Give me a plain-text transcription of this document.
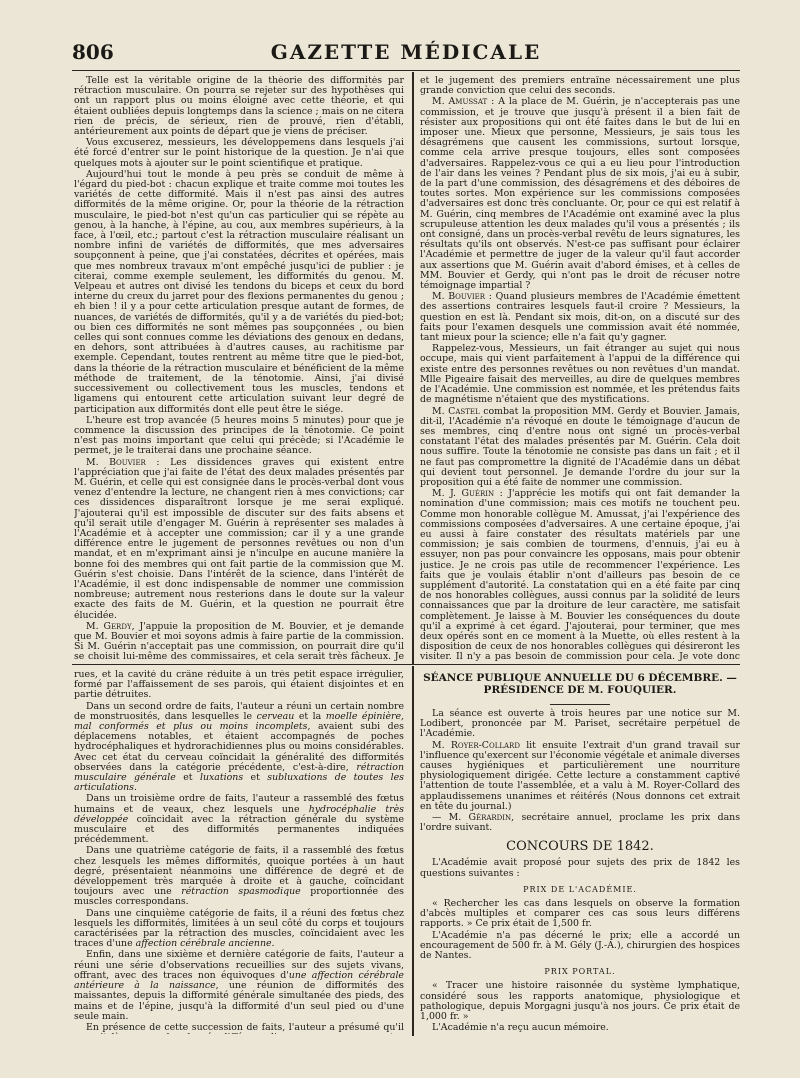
806	GAZETTE MÉDICALE

Telle est la véritable origine de la théorie des difformités par rétraction musculaire. On pourra se rejeter sur des hypothèses qui ont un rapport plus ou moins éloigné avec cette théorie, et qui étaient oubliées depuis longtemps dans la science ; mais on ne citera rien de précis, de sérieux, rien de prouvé, rien d'établi, antérieurement aux points de départ que je viens de préciser.

Vous excuserez, messieurs, les développemens dans lesquels j'ai été forcé d'entrer sur le point historique de la question. Je n'ai que quelques mots à ajouter sur le point scientifique et pratique.

Aujourd'hui tout le monde à peu près se conduit de même à l'égard du pied-bot : chacun explique et traite comme moi toutes les variétés de cette difformité. Mais il n'est pas ainsi des autres difformités de la même origine. Or, pour la théorie de la rétraction musculaire, le pied-bot n'est qu'un cas particulier qui se répète au genou, à la hanche, à l'épine, au cou, aux membres supérieurs, à la face, à l'œil, etc.; partout c'est la rétraction musculaire réalisant un nombre infini de variétés de difformités, que mes adversaires soupçonnent à peine, que j'ai constatées, décrites et opérées, mais que mes nombreux travaux m'ont empêché jusqu'ici de publier : je citerai, comme exemple seulement, les difformités du genou. M. Velpeau et autres ont divisé les tendons du biceps et ceux du bord interne du creux du jarret pour des flexions permanentes du genou ; eh bien ! il y a pour cette articulation presque autant de formes, de nuances, de variétés de difformités, qu'il y a de variétés du pied-bot; ou bien ces difformités ne sont mêmes pas soupçonnées , ou bien celles qui sont connues comme les déviations des genoux en dedans, en dehors, sont attribuées à d'autres causes, au rachitisme par exemple. Cependant, toutes rentrent au même titre que le pied-bot, dans la théorie de la rétraction musculaire et bénéficient de la même méthode de traitement, de la ténotomie. Ainsi, j'ai divisé successivement ou collectivement tous les muscles, tendons et ligamens qui entourent cette articulation suivant leur degré de participation aux difformités dont elle peut être le siége.

L'heure est trop avancée (5 heures moins 5 minutes) pour que je commence la discussion des principes de la ténotomie. Ce point n'est pas moins important que celui qui précède; si l'Académie le permet, je le traiterai dans une prochaine séance.

M. Bouvier : Les dissidences graves qui existent entre l'appréciation que j'ai faite de l'état des deux malades présentés par M. Guérin, et celle qui est consignée dans le procès-verbal dont vous venez d'entendre la lecture, ne changent rien à mes convictions; car ces dissidences disparaîtront lorsque je me serai expliqué. J'ajouterai qu'il est impossible de discuter sur des faits absens et qu'il serait utile d'engager M. Guérin à représenter ses malades à l'Académie et à accepter une commission; car il y a une grande différence entre le jugement de personnes revêtues ou non d'un mandat, et en m'exprimant ainsi je n'inculpe en aucune manière la bonne foi des membres qui ont fait partie de la commission que M. Guérin s'est choisie. Dans l'intérêt de la science, dans l'intérêt de l'Académie, il est donc indispensable de nommer une commission nombreuse; autrement nous resterions dans le doute sur la valeur exacte des faits de M. Guérin, et la question ne pourrait être élucidée.

M. Gerdy, J'appuie la proposition de M. Bouvier, et je demande que M. Bouvier et moi soyons admis à faire partie de la commission. Si M. Guérin n'acceptait pas une commission, on pourrait dire qu'il se choisit lui-même des commissaires, et cela serait très fâcheux. Je

et le jugement des premiers entraîne nécessairement une plus grande conviction que celui des seconds.

M. Amussat : A la place de M. Guérin, je n'accepterais pas une commission, et je trouve que jusqu'à présent il a bien fait de résister aux propositions qui ont été faites dans le but de lui en imposer une. Mieux que personne, Messieurs, je sais tous les désagrémens que causent les commissions, surtout lorsque, comme cela arrive presque toujours, elles sont composées d'adversaires. Rappelez-vous ce qui a eu lieu pour l'introduction de l'air dans les veines ? Pendant plus de six mois, j'ai eu à subir, de la part d'une commission, des désagrémens et des déboires de toutes sortes. Mon expérience sur les commissions composées d'adversaires est donc très concluante. Or, pour ce qui est relatif à M. Guérin, cinq membres de l'Académie ont examiné avec la plus scrupuleuse attention les deux malades qu'il vous a présentés ; ils ont consigné, dans un procès-verbal revêtu de leurs signatures, les résultats qu'ils ont observés. N'est-ce pas suffisant pour éclairer l'Académie et permettre de juger de la valeur qu'il faut accorder aux assertions que M. Guérin avait d'abord émises, et à celles de MM. Bouvier et Gerdy, qui n'ont pas le droit de récuser notre témoignage impartial ?

M. Bouvier : Quand plusieurs membres de l'Académie émettent des assertions contraires lesquels faut-il croire ? Messieurs, la question en est là. Pendant six mois, dit-on, on a discuté sur des faits pour l'examen desquels une commission avait été nommée, tant mieux pour la science; elle n'a fait qu'y gagner.

Rappelez-vous, Messieurs, un fait étranger au sujet qui nous occupe, mais qui vient parfaitement à l'appui de la différence qui existe entre des personnes revêtues ou non revêtues d'un mandat. Mlle Pigeaire faisait des merveilles, au dire de quelques membres de l'Académie. Une commission est nommée, et les prétendus faits de magnétisme n'étaient que des mystifications.

M. Castel combat la proposition MM. Gerdy et Bouvier. Jamais, dit-il, l'Académie n'a révoqué en doute le témoignage d'aucun de ses membres, cinq d'entre nous ont signé un procès-verbal constatant l'état des malades présentés par M. Guérin. Cela doit nous suffire. Toute la ténotomie ne consiste pas dans un fait ; et il ne faut pas compromettre la dignité de l'Académie dans un débat qui devient tout personnel. Je demande l'ordre du jour sur la proposition qui a été faite de nommer une commission.

M. J. Guérin : J'apprécie les motifs qui ont fait demander la nomination d'une commission; mais ces motifs ne touchent peu. Comme mon honorable collègue M. Amussat, j'ai l'expérience des commissions composées d'adversaires. A une certaine époque, j'ai eu aussi à faire constater des résultats matériels par une commission; je sais combien de tourmens, d'ennuis, j'ai eu à essuyer, non pas pour convaincre les opposans, mais pour obtenir justice. Je ne crois pas utile de recommencer l'expérience. Les faits que je voulais établir n'ont d'ailleurs pas besoin de ce supplément d'autorité. La constatation qui en a été faite par cinq de nos honorables collègues, aussi connus par la solidité de leurs connaissances que par la droiture de leur caractère, me satisfait complètement. Je laisse à M. Bouvier les conséquences du doute qu'il a exprimé à cet égard. J'ajouterai, pour terminer, que mes deux opérés sont en ce moment à la Muette, où elles restent à la disposition de ceux de nos honorables collègues qui désireront les visiter. Il n'y a pas besoin de commission pour cela. Je vote donc

rues, et la cavité du crâne réduite à un très petit espace irrégulier, formé par l'affaissement de ses parois, qui étaient disjointes et en partie détruites.

Dans un second ordre de faits, l'auteur a réuni un certain nombre de monstruosités, dans lesquelles le cerveau et la moelle épinière, mal conformés et plus ou moins incomplets, avaient subi des déplacemens notables, et étaient accompagnés de poches hydrocéphaliques et hydrorachidiennes plus ou moins considérables. Avec cet état du cerveau coïncidait la généralité des difformités observées dans la catégorie précédente, c'est-à-dire, rétraction musculaire générale et luxations et subluxations de toutes les articulations.

Dans un troisième ordre de faits, l'auteur a rassemblé des fœtus humains et de veaux, chez lesquels une hydrocéphalie très développée coïncidait avec la rétraction générale du système musculaire et des difformités permanentes indiquées précédemment.

Dans une quatrième catégorie de faits, il a rassemblé des fœtus chez lesquels les mêmes difformités, quoique portées à un haut degré, présentaient néanmoins une différence de degré et de développement très marquée à droite et à gauche, coïncidant toujours avec une rétraction spasmodique proportionnée des muscles correspondans.

Dans une cinquième catégorie de faits, il a réuni des fœtus chez lesquels les difformités, limitées à un seul côté du corps et toujours caractérisées par la rétraction des muscles, coïncidaient avec les traces d'une affection cérébrale ancienne.

Enfin, dans une sixième et dernière catégorie de faits, l'auteur a réuni une série d'observations recueillies sur des sujets vivans, offrant, avec des traces non équivoques d'une affection cérébrale antérieure à la naissance, une réunion de difformités des maissantes, depuis la difformité générale simultanée des pieds, des mains et de l'épine, jusqu'à la difformité d'un seul pied ou d'une seule main.

En présence de cette succession de faits, l'auteur a présumé qu'il

SÉANCE PUBLIQUE ANNUELLE DU 6 DÉCEMBRE. — PRÉSIDENCE DE M. FOUQUIER.

La séance est ouverte à trois heures par une notice sur M. Lodibert, prononcée par M. Pariset, secrétaire perpétuel de l'Académie.

M. Royer-Collard lit ensuite l'extrait d'un grand travail sur l'influence qu'exercent sur l'économie végétale et animale diverses causes hygiéniques et particulièrement une nourriture physiologiquement dirigée. Cette lecture a constamment captivé l'attention de toute l'assemblée, et a valu à M. Royer-Collard des applaudissemens unanimes et réitérés (Nous donnons cet extrait en tête du journal.)

— M. Gérardin, secrétaire annuel, proclame les prix dans l'ordre suivant.

CONCOURS DE 1842.

L'Académie avait proposé pour sujets des prix de 1842 les questions suivantes :

PRIX DE L'ACADÉMIE.

« Rechercher les cas dans lesquels on observe la formation d'abcès multiples et comparer ces cas sous leurs différens rapports. » Ce prix était de 1,500 fr.

L'Académie n'a pas décerné le prix; elle a accordé un encouragement de 500 fr. à M. Gély (J.-A.), chirurgien des hospices de Nantes.

PRIX PORTAL.

« Tracer une histoire raisonnée du système lymphatique, considéré sous les rapports anatomique, physiologique et pathologique, depuis Morgagni jusqu'à nos jours. Ce prix était de 1,000 fr. »

L'Académie n'a reçu aucun mémoire.
